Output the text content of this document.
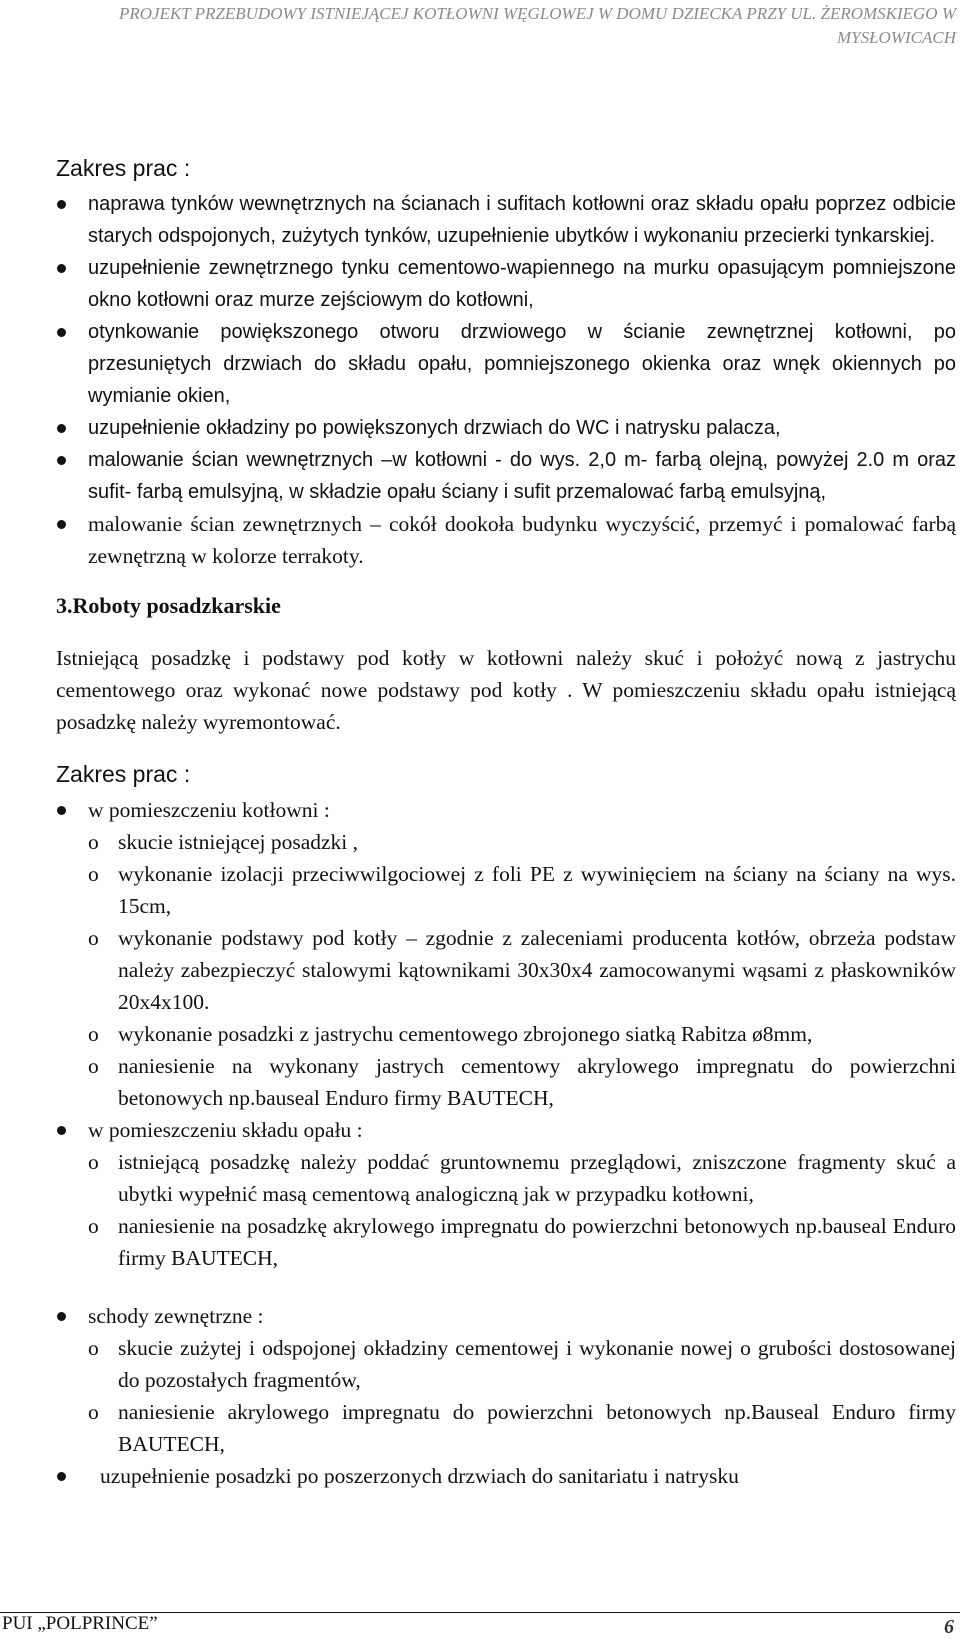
PROJEKT PRZEBUDOWY ISTNIEJĄCEJ KOTŁOWNI WĘGLOWEJ W DOMU DZIECKA PRZY UL. ŻEROMSKIEGO W
MYSŁOWICACH
Zakres prac :
naprawa tynków wewnętrznych na ścianach i sufitach kotłowni oraz składu opału poprzez odbicie starych odspojonych, zużytych tynków, uzupełnienie ubytków i wykonaniu przecierki tynkarskiej.
uzupełnienie zewnętrznego tynku cementowo-wapiennego na murku opasującym pomniejszone okno kotłowni oraz murze zejściowym do kotłowni,
otynkowanie powiększonego otworu drzwiowego w ścianie zewnętrznej kotłowni, po przesuniętych drzwiach do składu opału, pomniejszonego okienka oraz wnęk okiennych po wymianie okien,
uzupełnienie okładziny po powiększonych drzwiach do WC i natrysku palacza,
malowanie ścian wewnętrznych –w kotłowni - do wys. 2,0 m- farbą olejną, powyżej 2.0 m oraz sufit- farbą emulsyjną, w składzie opału ściany i sufit przemalować farbą emulsyjną,
malowanie ścian zewnętrznych – cokół dookoła budynku wyczyścić, przemyć i pomalować farbą zewnętrzną w kolorze terrakoty.
3.Roboty posadzkarskie
Istniejącą posadzkę i podstawy pod kotły w kotłowni należy skuć i położyć nową z jastrychu cementowego oraz wykonać nowe podstawy pod kotły . W pomieszczeniu składu opału istniejącą posadzkę należy wyremontować.
Zakres prac :
w pomieszczeniu kotłowni :
o skucie istniejącej posadzki ,
o wykonanie izolacji przeciwwilgociowej z foli PE z wywinięciem na ściany na ściany na wys. 15cm,
o wykonanie podstawy pod kotły – zgodnie z zaleceniami producenta kotłów, obrzeża podstaw należy zabezpieczyć stalowymi kątownikami 30x30x4 zamocowanymi wąsami z płaskowników 20x4x100.
o wykonanie posadzki z jastrychu cementowego zbrojonego siatką Rabitza ø8mm,
o naniesienie na wykonany jastrych cementowy akrylowego impregnatu do powierzchni betonowych np.bauseal Enduro firmy BAUTECH,
w pomieszczeniu składu opału :
o istniejącą posadzkę należy poddać gruntownemu przeglądowi, zniszczone fragmenty skuć a ubytki wypełnić masą cementową analogiczną jak w przypadku kotłowni,
o naniesienie na posadzkę akrylowego impregnatu do powierzchni betonowych np.bauseal Enduro firmy BAUTECH,
schody zewnętrzne :
o skucie zużytej i odspojonej okładziny cementowej i wykonanie nowej o grubości dostosowanej do pozostałych fragmentów,
o naniesienie akrylowego impregnatu do powierzchni betonowych np.Bauseal Enduro firmy BAUTECH,
uzupełnienie posadzki po poszerzonych drzwiach do sanitariatu i natrysku
PUI „POLPRINCE”	6
